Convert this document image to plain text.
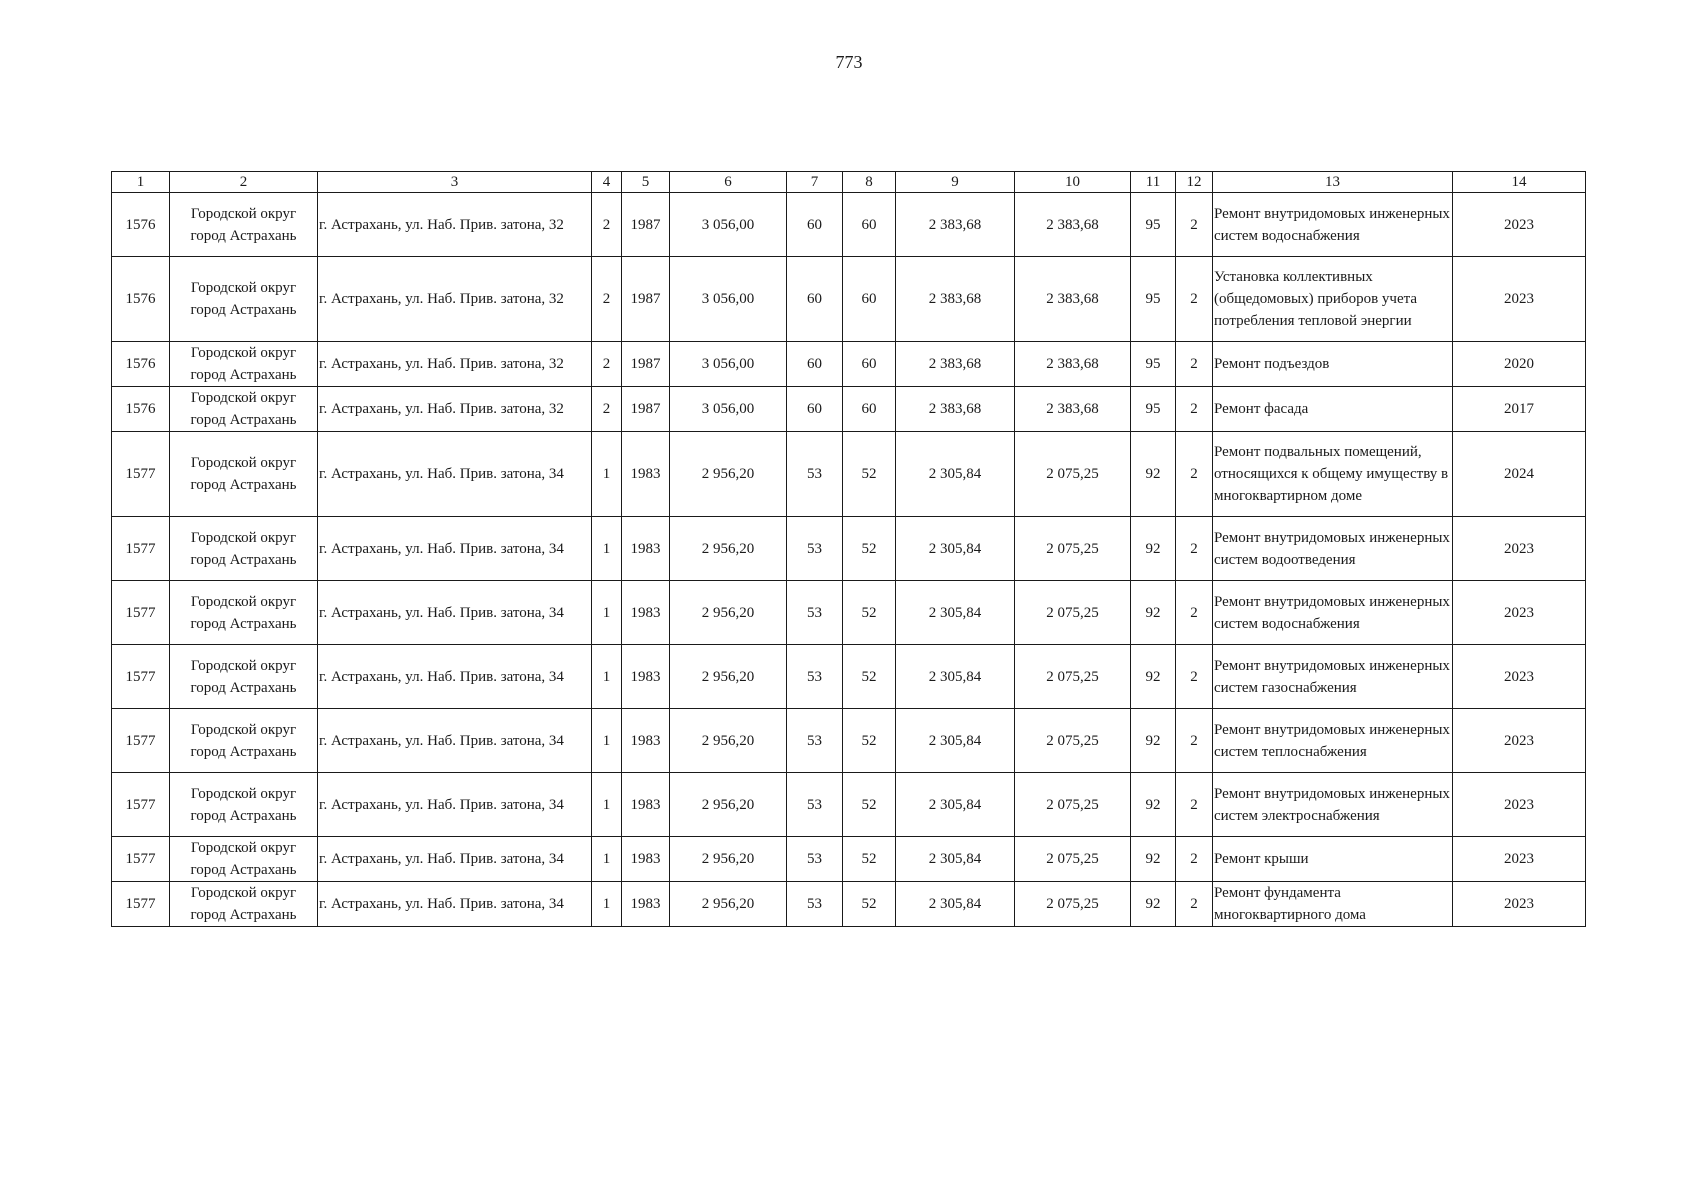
773
1	2	3	4	5	6	7	8	9	10	11	12	13	14
1576	Городской округ город Астрахань	г. Астрахань, ул. Наб. Прив. затона, 32	2	1987	3 056,00	60	60	2 383,68	2 383,68	95	2	Ремонт внутридомовых инженерных систем водоснабжения	2023
1576	Городской округ город Астрахань	г. Астрахань, ул. Наб. Прив. затона, 32	2	1987	3 056,00	60	60	2 383,68	2 383,68	95	2	Установка коллективных (общедомовых) приборов учета потребления тепловой энергии	2023
1576	Городской округ город Астрахань	г. Астрахань, ул. Наб. Прив. затона, 32	2	1987	3 056,00	60	60	2 383,68	2 383,68	95	2	Ремонт подъездов	2020
1576	Городской округ город Астрахань	г. Астрахань, ул. Наб. Прив. затона, 32	2	1987	3 056,00	60	60	2 383,68	2 383,68	95	2	Ремонт фасада	2017
1577	Городской округ город Астрахань	г. Астрахань, ул. Наб. Прив. затона, 34	1	1983	2 956,20	53	52	2 305,84	2 075,25	92	2	Ремонт подвальных помещений, относящихся к общему имуществу в многоквартирном доме	2024
1577	Городской округ город Астрахань	г. Астрахань, ул. Наб. Прив. затона, 34	1	1983	2 956,20	53	52	2 305,84	2 075,25	92	2	Ремонт внутридомовых инженерных систем водоотведения	2023
1577	Городской округ город Астрахань	г. Астрахань, ул. Наб. Прив. затона, 34	1	1983	2 956,20	53	52	2 305,84	2 075,25	92	2	Ремонт внутридомовых инженерных систем водоснабжения	2023
1577	Городской округ город Астрахань	г. Астрахань, ул. Наб. Прив. затона, 34	1	1983	2 956,20	53	52	2 305,84	2 075,25	92	2	Ремонт внутридомовых инженерных систем газоснабжения	2023
1577	Городской округ город Астрахань	г. Астрахань, ул. Наб. Прив. затона, 34	1	1983	2 956,20	53	52	2 305,84	2 075,25	92	2	Ремонт внутридомовых инженерных систем теплоснабжения	2023
1577	Городской округ город Астрахань	г. Астрахань, ул. Наб. Прив. затона, 34	1	1983	2 956,20	53	52	2 305,84	2 075,25	92	2	Ремонт внутридомовых инженерных систем электроснабжения	2023
1577	Городской округ город Астрахань	г. Астрахань, ул. Наб. Прив. затона, 34	1	1983	2 956,20	53	52	2 305,84	2 075,25	92	2	Ремонт крыши	2023
1577	Городской округ город Астрахань	г. Астрахань, ул. Наб. Прив. затона, 34	1	1983	2 956,20	53	52	2 305,84	2 075,25	92	2	Ремонт фундамента многоквартирного дома	2023
